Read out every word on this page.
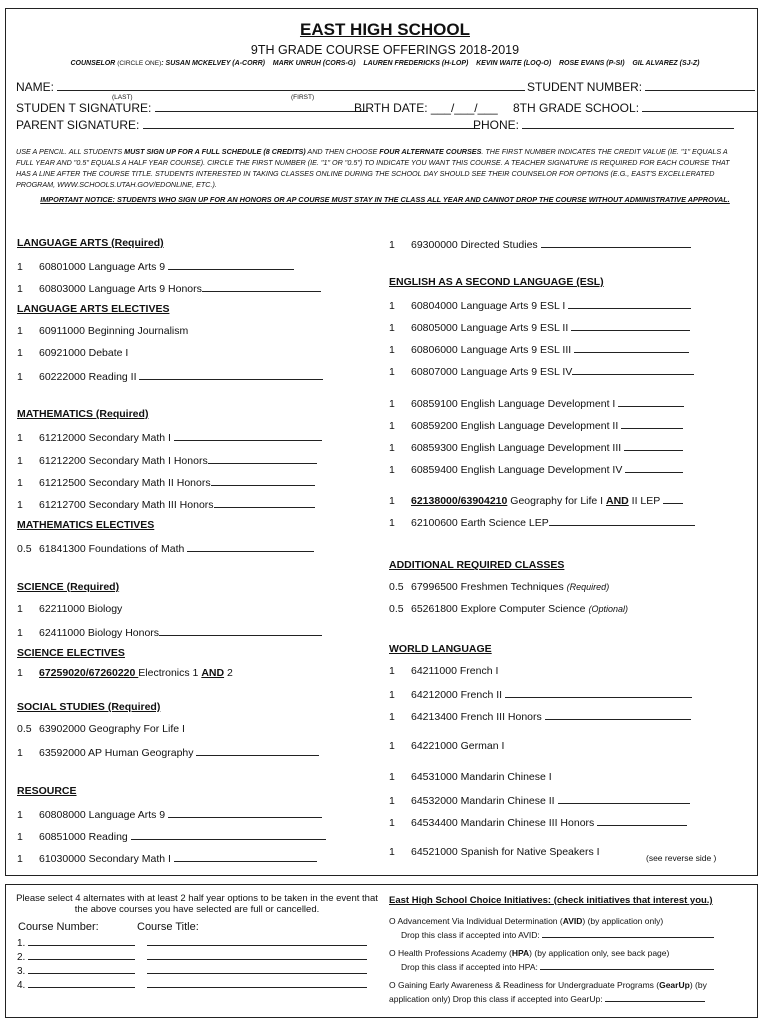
EAST HIGH SCHOOL
9TH GRADE COURSE OFFERINGS 2018-2019
COUNSELOR (CIRCLE ONE): SUSAN MCKELVEY (A-CORR)    MARK UNRUH (CORS-G)    LAUREN FREDERICKS (H-LOP)    KEVIN WAITE (LOQ-O)    ROSE EVANS (P-SI)    GIL ALVAREZ (SJ-Z)
NAME:
(LAST)	(FIRST)
STUDENT NUMBER:
STUDEN T SIGNATURE:	BIRTH DATE: ___/___/___ 8TH GRADE SCHOOL:
PARENT SIGNATURE:	PHONE:
USE A PENCIL. ALL STUDENTS MUST SIGN UP FOR A FULL SCHEDULE (8 CREDITS) AND THEN CHOOSE FOUR ALTERNATE COURSES. THE FIRST NUMBER INDICATES THE CREDIT VALUE (IE. "1" EQUALS A FULL YEAR AND "0.5" EQUALS A HALF YEAR COURSE). CIRCLE THE FIRST NUMBER (IE. "1" OR "0.5") TO INDICATE YOU WANT THIS COURSE. A TEACHER SIGNATURE IS REQUIRED FOR EACH COURSE THAT HAS A LINE AFTER THE COURSE TITLE. STUDENTS INTERESTED IN TAKING CLASSES ONLINE DURING THE SCHOOL DAY SHOULD SEE THEIR COUNSELOR FOR OPTIONS (E.G., EAST'S EXCELLERATED PROGRAM, WWW.SCHOOLS.UTAH.GOV/EDONLINE, ETC.).
IMPORTANT NOTICE: STUDENTS WHO SIGN UP FOR AN HONORS OR AP COURSE MUST STAY IN THE CLASS ALL YEAR AND CANNOT DROP THE COURSE WITHOUT ADMINISTRATIVE APPROVAL.
LANGUAGE ARTS (Required)
1 60801000 Language Arts 9
1 60803000 Language Arts 9 Honors
LANGUAGE ARTS ELECTIVES
1 60911000 Beginning Journalism
1 60921000 Debate I
1 60222000 Reading II
MATHEMATICS (Required)
1 61212000 Secondary Math I
1 61212200 Secondary Math I Honors
1 61212500 Secondary Math II Honors
1 61212700 Secondary Math III Honors
MATHEMATICS ELECTIVES
0.5 61841300 Foundations of Math
SCIENCE (Required)
1 62211000 Biology
1 62411000 Biology Honors
SCIENCE ELECTIVES
1 67259020/67260220 Electronics 1 AND 2
SOCIAL STUDIES (Required)
0.5 63902000 Geography For Life I
1 63592000 AP Human Geography
RESOURCE
1 60808000 Language Arts 9
1 60851000 Reading
1 61030000 Secondary Math I
1 69300000 Directed Studies
ENGLISH AS A SECOND LANGUAGE (ESL)
1 60804000 Language Arts 9 ESL I
1 60805000 Language Arts 9 ESL II
1 60806000 Language Arts 9 ESL III
1 60807000 Language Arts 9 ESL IV
1 60859100 English Language Development I
1 60859200 English Language Development II
1 60859300 English Language Development III
1 60859400 English Language Development IV
1 62138000/63904210 Geography for Life I AND II LEP
1 62100600 Earth Science LEP
ADDITIONAL REQUIRED CLASSES
0.5 67996500 Freshmen Techniques (Required)
0.5 65261800 Explore Computer Science (Optional)
WORLD LANGUAGE
1 64211000 French I
1 64212000 French II
1 64213400 French III Honors
1 64221000 German I
1 64531000 Mandarin Chinese I
1 64532000 Mandarin Chinese II
1 64534400 Mandarin Chinese III Honors
1 64521000 Spanish for Native Speakers I	(see reverse side )
Please select 4 alternates with at least 2 half year options to be taken in the event that the above courses you have selected are full or cancelled.
Course Number:	Course Title:
1.
2.
3.
4.
East High School Choice Initiatives: (check initiatives that interest you.)
O Advancement Via Individual Determination (AVID) (by application only)
Drop this class if accepted into AVID:
O Health Professions Academy (HPA) (by application only, see back page)
Drop this class if accepted into HPA:
O Gaining Early Awareness & Readiness for Undergraduate Programs (GearUp) (by
application only) Drop this class if accepted into GearUp:
